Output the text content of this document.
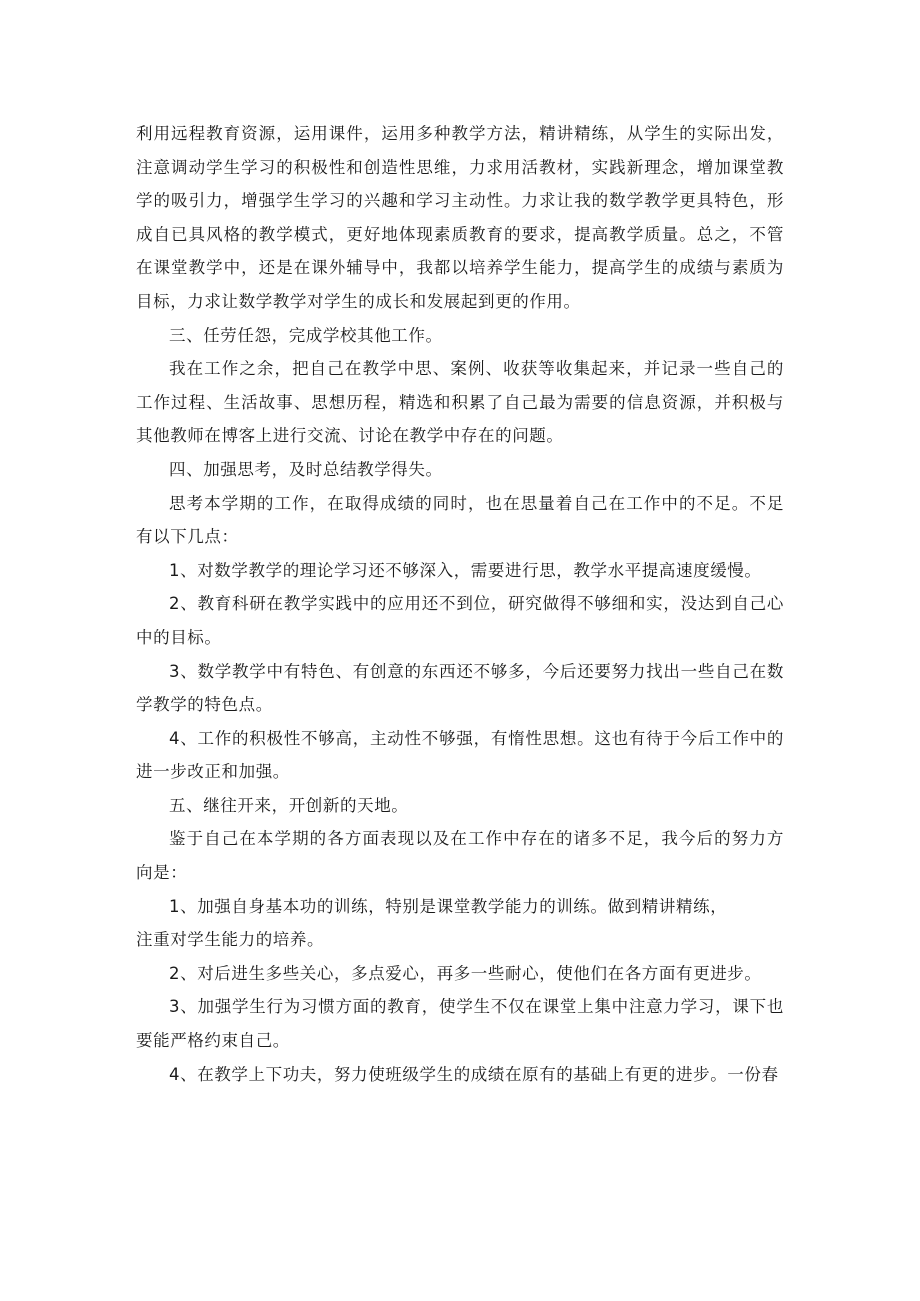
利用远程教育资源，运用课件，运用多种教学方法，精讲精练，从学生的实际出发，注意调动学生学习的积极性和创造性思维，力求用活教材，实践新理念，增加课堂教学的吸引力，增强学生学习的兴趣和学习主动性。力求让我的数学教学更具特色，形成自已具风格的教学模式，更好地体现素质教育的要求，提高教学质量。总之，不管在课堂教学中，还是在课外辅导中，我都以培养学生能力，提高学生的成绩与素质为目标，力求让数学教学对学生的成长和发展起到更的作用。

三、任劳任怨，完成学校其他工作。

我在工作之余，把自己在教学中思、案例、收获等收集起来，并记录一些自己的工作过程、生活故事、思想历程，精选和积累了自己最为需要的信息资源，并积极与其他教师在博客上进行交流、讨论在教学中存在的问题。

四、加强思考，及时总结教学得失。

思考本学期的工作，在取得成绩的同时，也在思量着自己在工作中的不足。不足有以下几点：

1、对数学教学的理论学习还不够深入，需要进行思，教学水平提高速度缓慢。

2、教育科研在教学实践中的应用还不到位，研究做得不够细和实，没达到自己心中的目标。

3、数学教学中有特色、有创意的东西还不够多，今后还要努力找出一些自己在数学教学的特色点。

4、工作的积极性不够高，主动性不够强，有惰性思想。这也有待于今后工作中的进一步改正和加强。

五、继往开来，开创新的天地。

鉴于自己在本学期的各方面表现以及在工作中存在的诸多不足，我今后的努力方向是：

1、加强自身基本功的训练，特别是课堂教学能力的训练。做到精讲精练，

注重对学生能力的培养。

2、对后进生多些关心，多点爱心，再多一些耐心，使他们在各方面有更进步。

3、加强学生行为习惯方面的教育，使学生不仅在课堂上集中注意力学习，课下也要能严格约束自己。

4、在教学上下功夫，努力使班级学生的成绩在原有的基础上有更的进步。一份春
